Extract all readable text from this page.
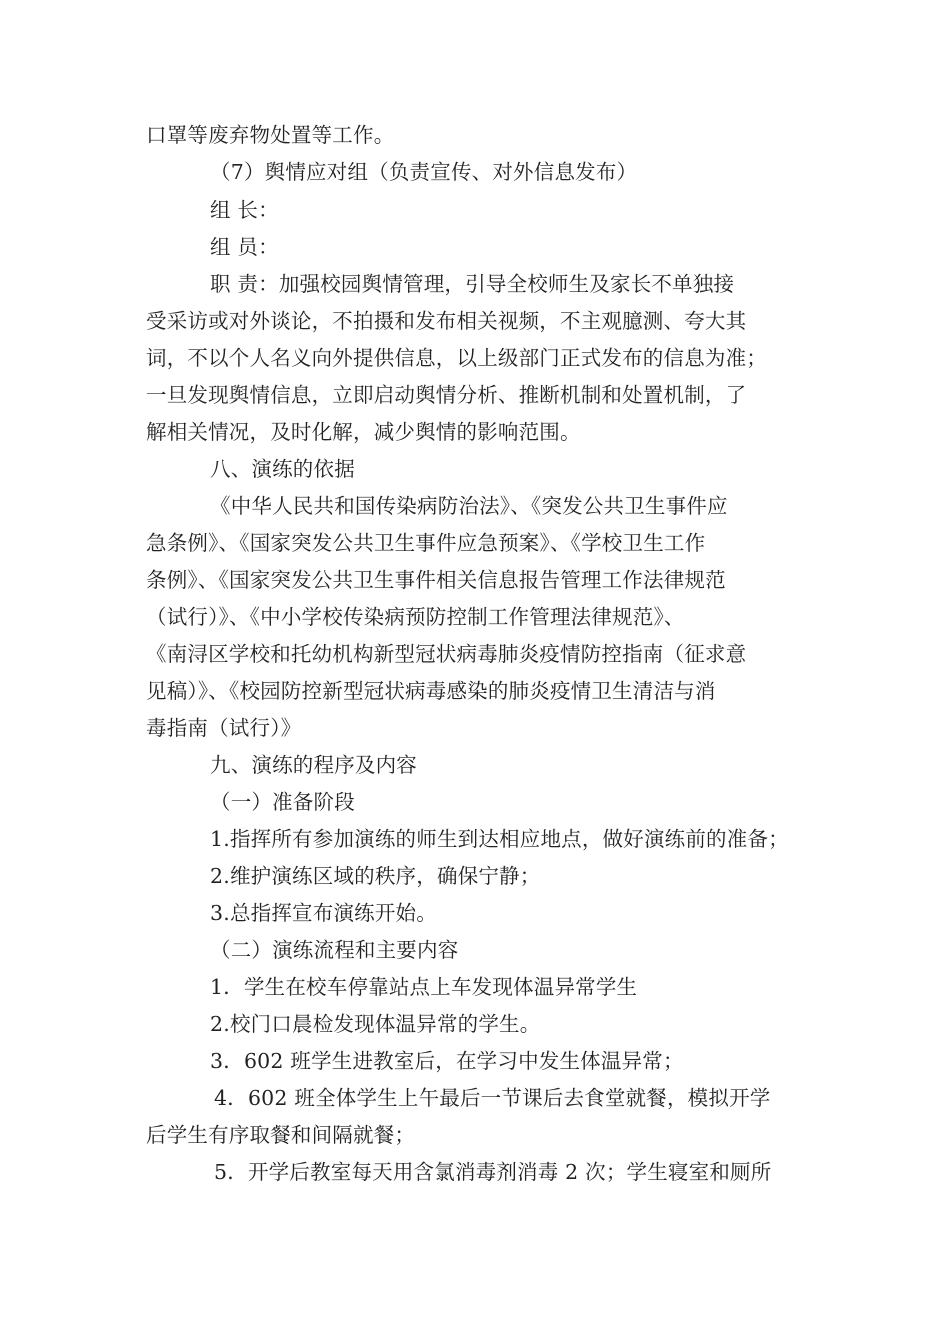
口罩等废弃物处置等工作。
（7）舆情应对组（负责宣传、对外信息发布）
组 长：
组 员：
职 责：加强校园舆情管理，引导全校师生及家长不单独接
受采访或对外谈论，不拍摄和发布相关视频，不主观臆测、夸大其
词，不以个人名义向外提供信息，以上级部门正式发布的信息为准；
一旦发现舆情信息，立即启动舆情分析、推断机制和处置机制，了
解相关情况，及时化解，减少舆情的影响范围。
八、演练的依据
《中华人民共和国传染病防治法》、《突发公共卫生事件应
急条例》、《国家突发公共卫生事件应急预案》、《学校卫生工作
条例》、《国家突发公共卫生事件相关信息报告管理工作法律规范
（试行）》、《中小学校传染病预防控制工作管理法律规范》、
《南浔区学校和托幼机构新型冠状病毒肺炎疫情防控指南（征求意
见稿）》、《校园防控新型冠状病毒感染的肺炎疫情卫生清洁与消
毒指南（试行）》
九、演练的程序及内容
（一）准备阶段
1.指挥所有参加演练的师生到达相应地点，做好演练前的准备；
2.维护演练区域的秩序，确保宁静；
3.总指挥宣布演练开始。
（二）演练流程和主要内容
1．学生在校车停靠站点上车发现体温异常学生
2.校门口晨检发现体温异常的学生。
3．602 班学生进教室后，在学习中发生体温异常；
4．602 班全体学生上午最后一节课后去食堂就餐，模拟开学
后学生有序取餐和间隔就餐；
5．开学后教室每天用含氯消毒剂消毒 2 次；学生寝室和厕所
